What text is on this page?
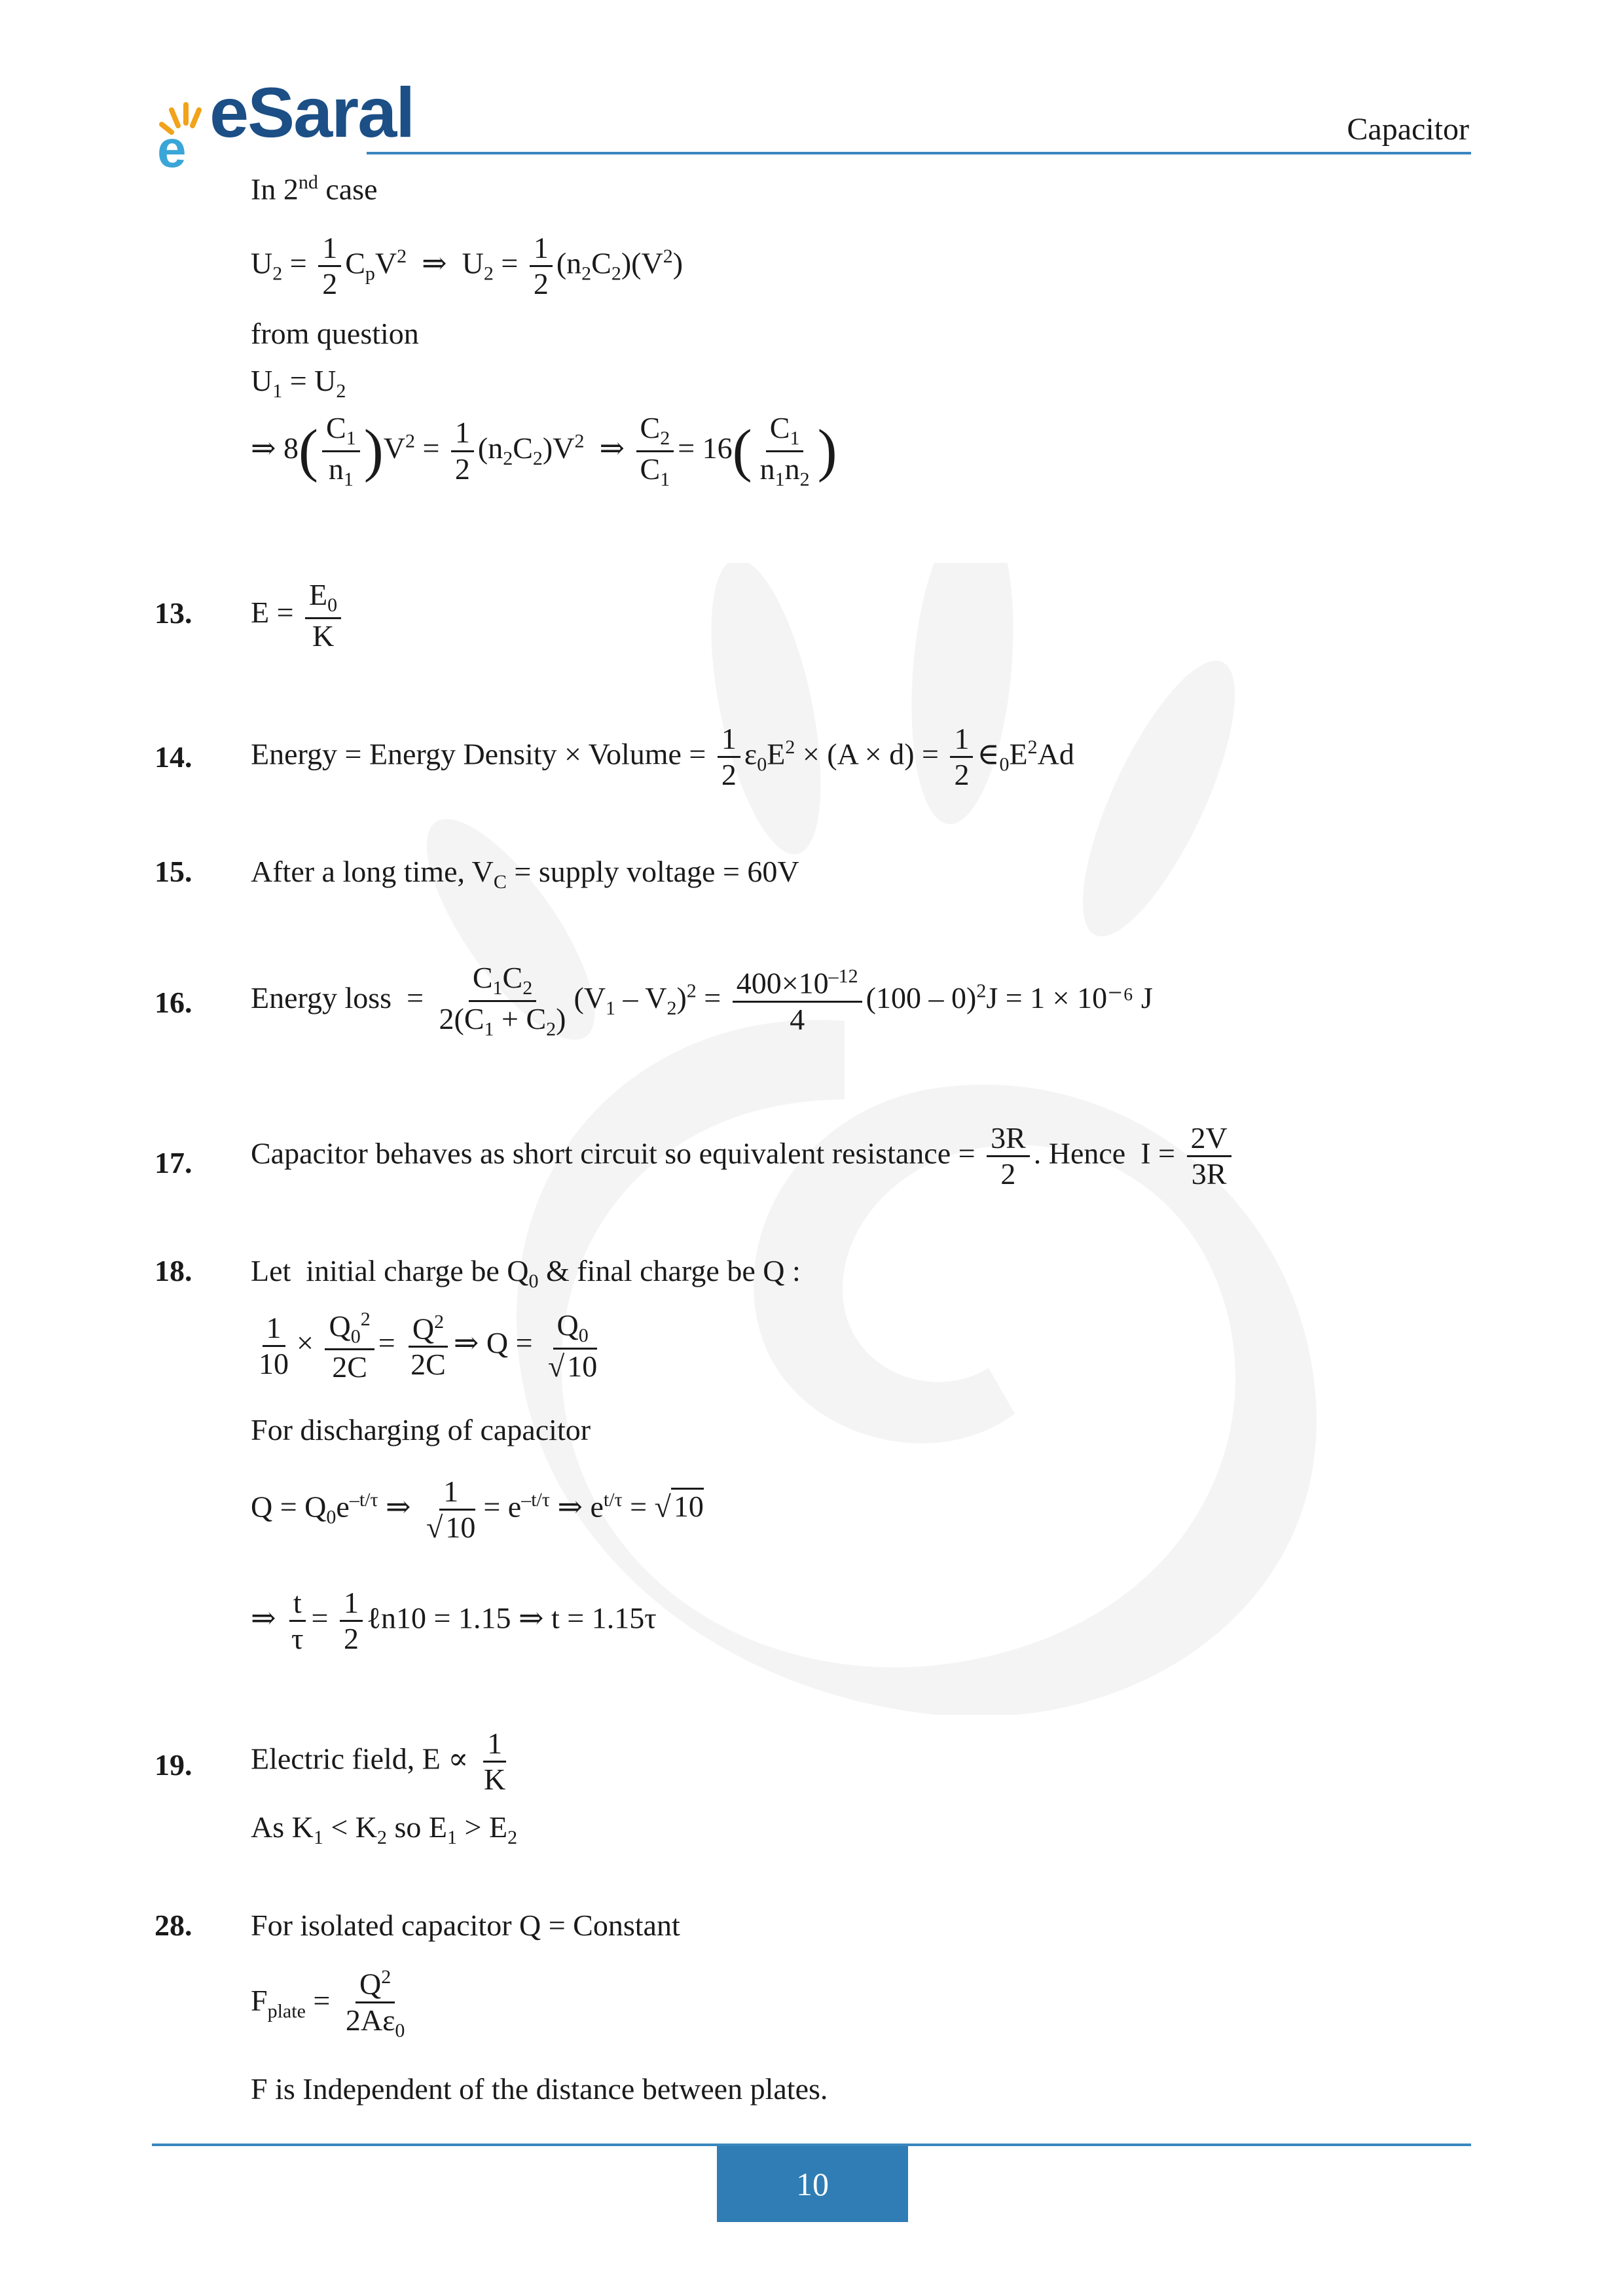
e eSaral	Capacitor
In 2nd case
$U_2 = \frac{1}{2} C_pV^2$  ⇒  $U_2 = \frac{1}{2} (n_2C_2)(V^2)$
from question
$U_1 = U_2$
⇒ $8( \frac{C_1}{n_1} )V^2 = \frac{1}{2} (n_2C_2)V^2$  ⇒ $\frac{C_2}{C_1} = 16( \frac{C_1}{n_1n_2}$ )
13. $E = \frac{E_0}{K}$
14. Energy = Energy Density × Volume = $\frac{1}{2} \varepsilon_0E^2 \times (A \times d) = \frac{1}{2}$ $\in_0E^2Ad$
15. After a long time, $V_C$ = supply voltage = 60V
16. Energy loss  = $\frac{C_1C_2}{2(C_1 + C_2)} (V_1 - V_2)^2 = \frac{400\times 10^{-12}}{4} (100 - 0)^2J = 1 \times 10^{-6}$ J
17. Capacitor behaves as short circuit so equivalent resistance = $\frac{3R}{2}$ . Hence  $I = \frac{2V}{3R}$
18. Let  initial charge be $Q_0$ & final charge be Q :
$\frac{1}{10} \times \frac{Q_0^2}{2C} = \frac{Q^2}{2C}$ ⇒ $Q = \frac{Q_0}{√10}$
For discharging of capacitor
$Q = Q_0e^{-t/\tau}$ ⇒ $\frac{1}{√10} = e^{-t/\tau}$ ⇒ $e^{t/\tau} = √10$
⇒ $\frac{t}{\tau} = \frac{1}{2}$ ℓn10 = 1.15 ⇒ t = 1.15τ
19. Electric field, $E \propto \frac{1}{K}$
As $K_1 < K_2$ so $E_1 > E_2$
28. For isolated capacitor Q = Constant
$F_{plate} = \frac{Q^2}{2A\varepsilon_0}$
F is Independent of the distance between plates.
10
